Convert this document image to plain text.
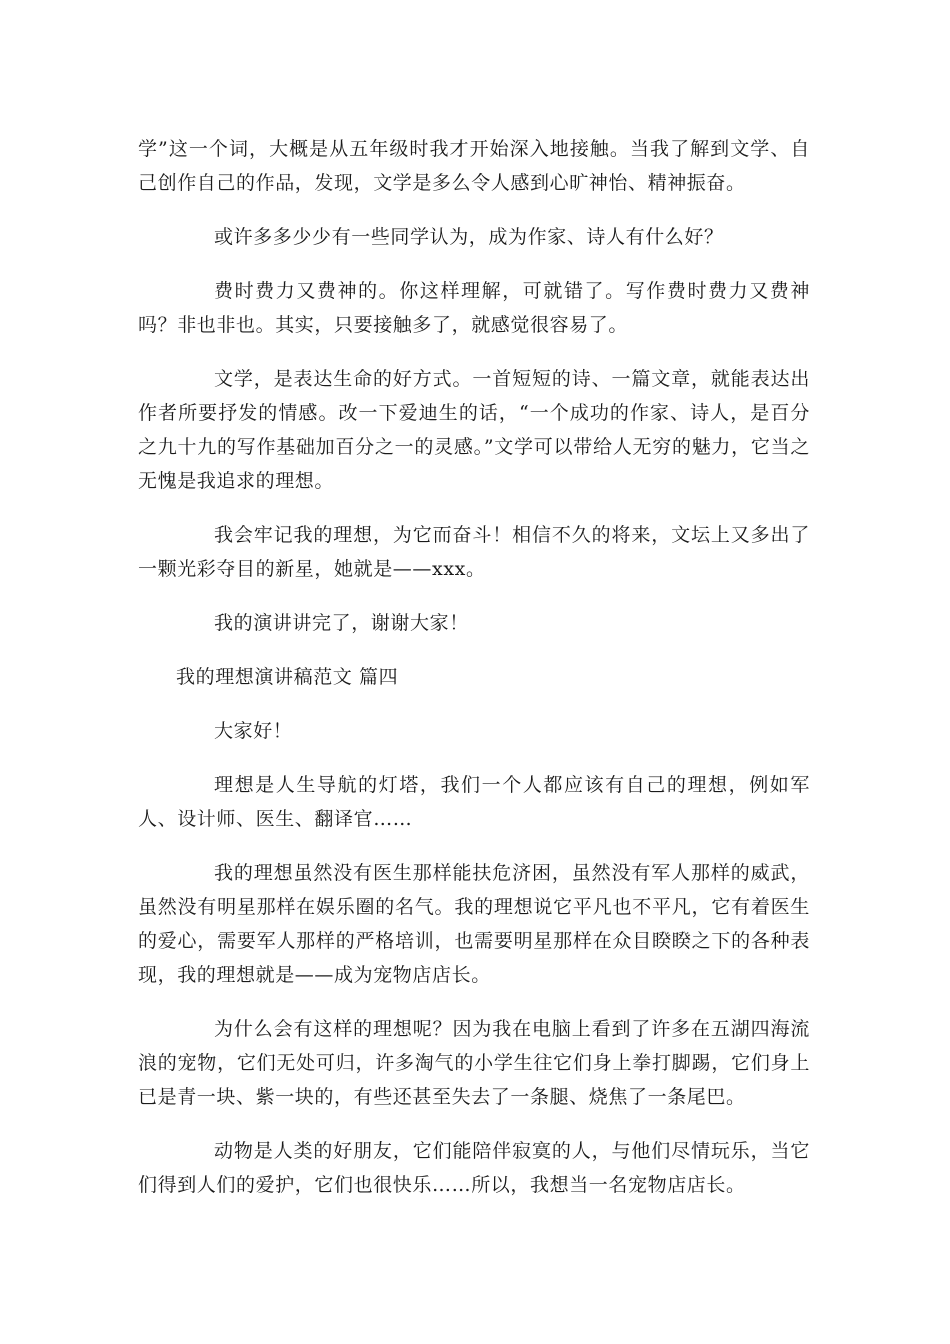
学”这一个词，大概是从五年级时我才开始深入地接触。当我了解到文学、自己创作自己的作品，发现，文学是多么令人感到心旷神怡、精神振奋。

或许多多少少有一些同学认为，成为作家、诗人有什么好？

费时费力又费神的。你这样理解，可就错了。写作费时费力又费神吗？非也非也。其实，只要接触多了，就感觉很容易了。

文学，是表达生命的好方式。一首短短的诗、一篇文章，就能表达出作者所要抒发的情感。改一下爱迪生的话，“一个成功的作家、诗人，是百分之九十九的写作基础加百分之一的灵感。”文学可以带给人无穷的魅力，它当之无愧是我追求的理想。

我会牢记我的理想，为它而奋斗！相信不久的将来，文坛上又多出了一颗光彩夺目的新星，她就是——xxx。

我的演讲讲完了，谢谢大家！

我的理想演讲稿范文 篇四

大家好！

理想是人生导航的灯塔，我们一个人都应该有自己的理想，例如军人、设计师、医生、翻译官……

我的理想虽然没有医生那样能扶危济困，虽然没有军人那样的威武，虽然没有明星那样在娱乐圈的名气。我的理想说它平凡也不平凡，它有着医生的爱心，需要军人那样的严格培训，也需要明星那样在众目睽睽之下的各种表现，我的理想就是——成为宠物店店长。

为什么会有这样的理想呢？因为我在电脑上看到了许多在五湖四海流浪的宠物，它们无处可归，许多淘气的小学生往它们身上拳打脚踢，它们身上已是青一块、紫一块的，有些还甚至失去了一条腿、烧焦了一条尾巴。

动物是人类的好朋友，它们能陪伴寂寞的人，与他们尽情玩乐，当它们得到人们的爱护，它们也很快乐……所以，我想当一名宠物店店长。
